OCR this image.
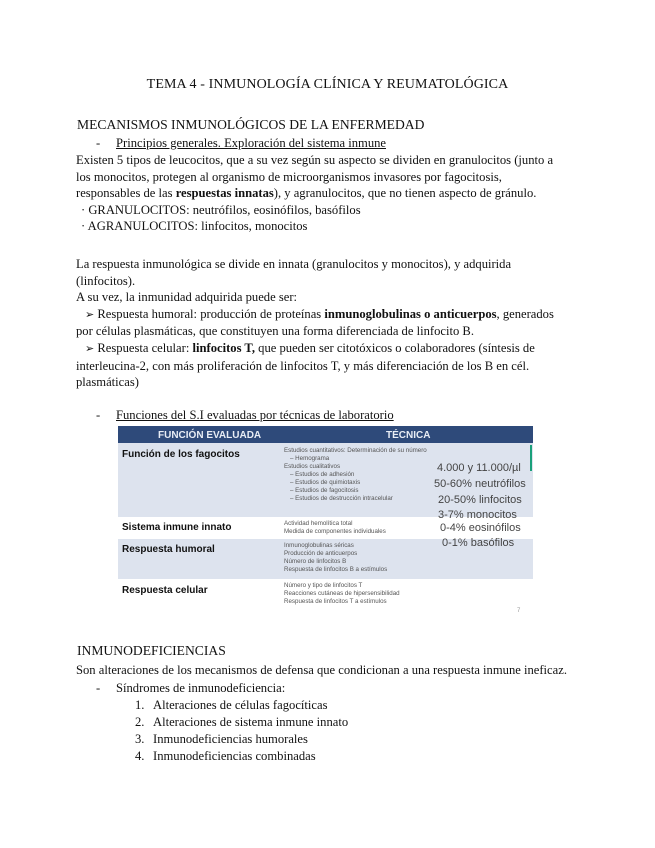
TEMA 4 - INMUNOLOGÍA CLÍNICA Y REUMATOLÓGICA
MECANISMOS INMUNOLÓGICOS DE LA ENFERMEDAD
- Principios generales. Exploración del sistema inmune
Existen 5 tipos de leucocitos, que a su vez según su aspecto se dividen en granulocitos (junto a
los monocitos, protegen al organismo de microorganismos invasores por fagocitosis,
responsables de las respuestas innatas), y agranulocitos, que no tienen aspecto de gránulo.
· GRANULOCITOS: neutrófilos, eosinófilos, basófilos
· AGRANULOCITOS: linfocitos, monocitos
La respuesta inmunológica se divide en innata (granulocitos y monocitos), y adquirida
(linfocitos).
A su vez, la inmunidad adquirida puede ser:
➢ Respuesta humoral: producción de proteínas inmunoglobulinas o anticuerpos, generados
por células plasmáticas, que constituyen una forma diferenciada de linfocito B.
➢ Respuesta celular: linfocitos T, que pueden ser citotóxicos o colaboradores (síntesis de
interleucina-2, con más proliferación de linfocitos T, y más diferenciación de los B en cél.
plasmáticas)
- Funciones del S.I evaluadas por técnicas de laboratorio
FUNCIÓN EVALUADA	TÉCNICA
Función de los fagocitos
Sistema inmune innato
Respuesta humoral
Respuesta celular
Estudios cuantitativos: Determinación de su número
– Hemograma
Estudios cualitativos
– Estudios de adhesión
– Estudios de quimiotaxis
– Estudios de fagocitosis
– Estudios de destrucción intracelular
Actividad hemolítica total
Medida de componentes individuales
Inmunoglobulinas séricas
Producción de anticuerpos
Número de linfocitos B
Respuesta de linfocitos B a estímulos
Número y tipo de linfocitos T
Reacciones cutáneas de hipersensibilidad
Respuesta de linfocitos T a estímulos
4.000 y 11.000/µl
50-60% neutrófilos
20-50% linfocitos
3-7% monocitos
0-4% eosinófilos
0-1% basófilos
7
INMUNODEFICIENCIAS
Son alteraciones de los mecanismos de defensa que condicionan a una respuesta inmune ineficaz.
- Síndromes de inmunodeficiencia:
1. Alteraciones de células fagocíticas
2. Alteraciones de sistema inmune innato
3. Inmunodeficiencias humorales
4. Inmunodeficiencias combinadas
